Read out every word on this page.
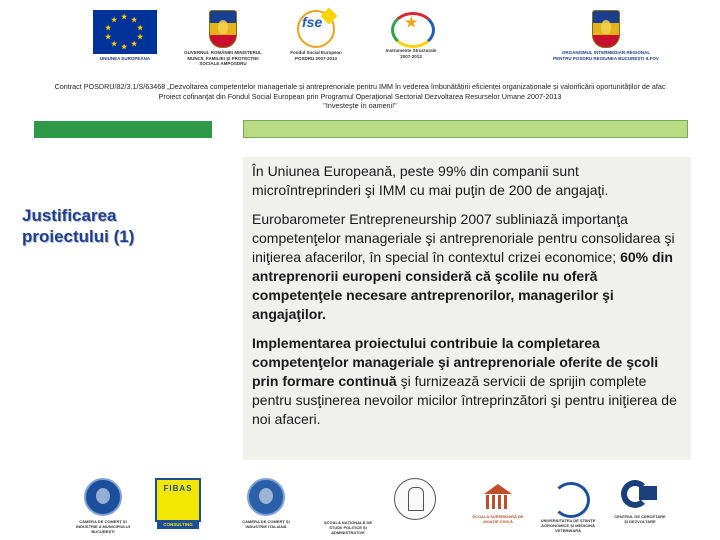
★ ★
★
★
★
★
★
★
★
★
UNIUNEA EUROPEANA
GUVERNUL ROMÂNIEI MINISTERUL MUNCII, FAMILIEI ŞI PROTECŢIEI SOCIALE AMPOSDRU
fse
Fondul Social European POSDRU 2007-2013
★
Instrumente Structurale 2007-2013
ORGANISMUL INTERMEDIAR REGIONAL PENTRU POSDRU REGIUNEA BUCUREȘTI ILFOV
Contract POSDRU/82/3.1/S/63468 „Dezvoltarea competențelor manageriale și antreprenoriale pentru IMM în vederea îmbunătățirii eficienței organizaționale și valorificării oportunităților de afac
Proiect cofinanţat din Fondul Social European prin Programul Operaţional Sectorial Dezvoltarea Resurselor Umane 2007-2013
"Investeşte în oameni!"
Justificarea
proiectului (1)

În Uniunea Europeană, peste 99% din companii sunt microîntreprinderi şi IMM cu mai puţin de 200 de angajaţi.

Eurobarometer Entrepreneurship 2007 subliniază importanţa competenţelor manageriale şi antreprenoriale pentru consolidarea şi iniţierea afacerilor, în special în contextul crizei economice; 60% din antreprenorii europeni consideră că şcolile nu oferă competenţele necesare antreprenorilor, managerilor şi angajaţilor.

Implementarea proiectului contribuie la completarea competenţelor manageriale şi antreprenoriale oferite de şcoli prin formare continuă şi furnizează servicii de sprijin complete pentru susţinerea nevoilor micilor întreprinzători şi pentru iniţierea de noi afaceri.

CAMERA DE COMERȚ ȘI INDUSTRIE A MUNICIPIULUI BUCUREȘTI
FIBAS
CONSULTING
CAMERA DE COMERȚ ȘI INDUSTRIE ITALIANĂ
ȘCOALA NAȚIONALĂ DE STUDII POLITICE ȘI ADMINISTRATIVE
ȘCOALA SUPERIOARĂ DE AVIAȚIE CIVILĂ	UNIVERSITATEA DE ȘTIINȚE AGRONOMICE ȘI MEDICINĂ VETERINARĂ
CENTRUL DE CERCETARE ȘI DEZVOLTARE
